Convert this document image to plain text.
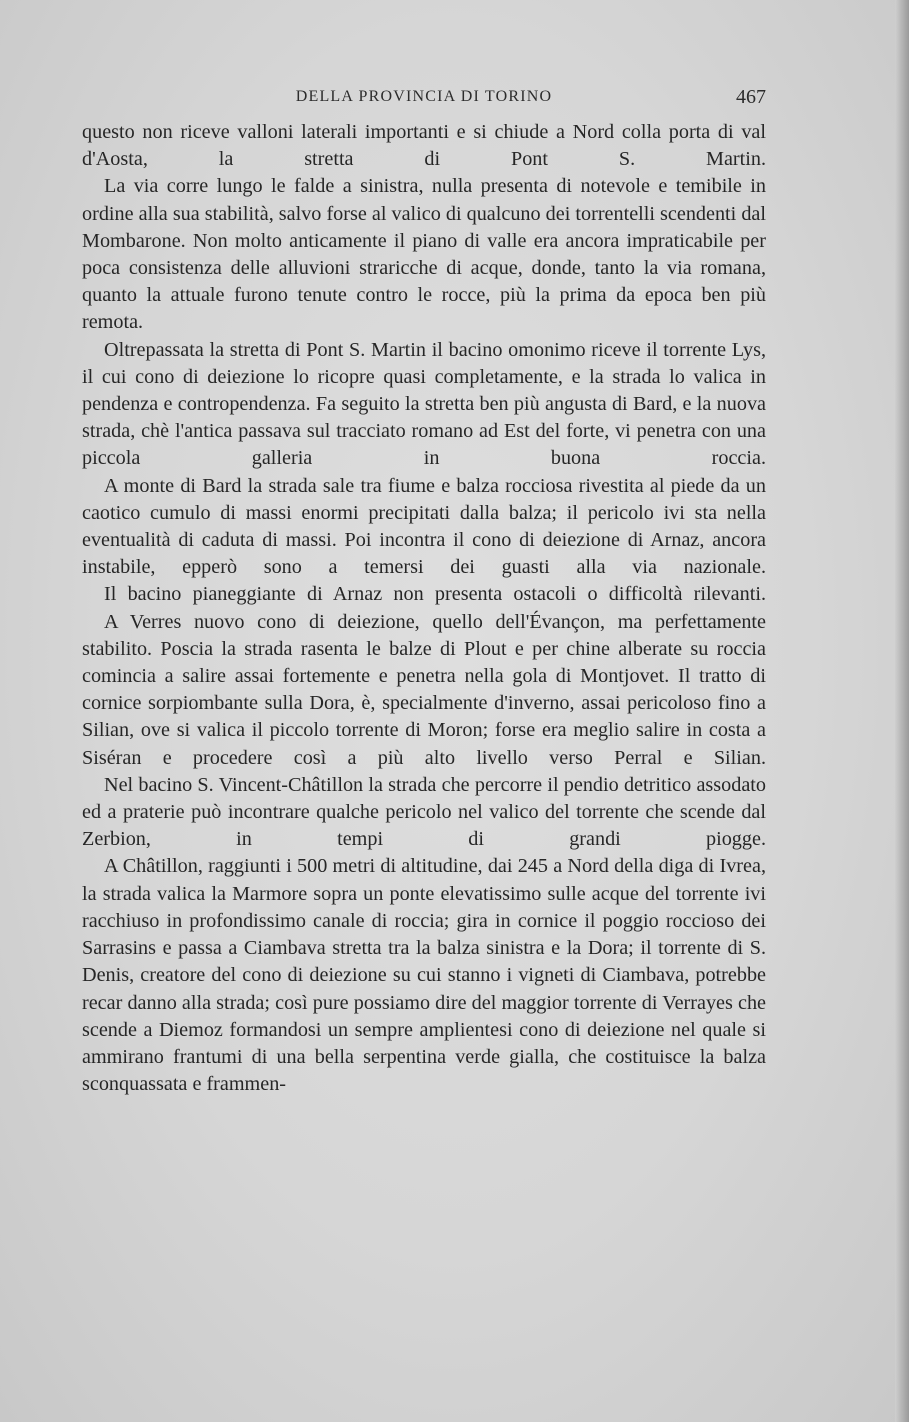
DELLA PROVINCIA DI TORINO	467

questo non riceve valloni laterali importanti e si chiude a Nord colla porta di val d'Aosta, la stretta di Pont S. Martin.

La via corre lungo le falde a sinistra, nulla presenta di notevole e temibile in ordine alla sua stabilità, salvo forse al valico di qualcuno dei torrentelli scendenti dal Mombarone. Non molto anticamente il piano di valle era ancora impraticabile per poca consistenza delle alluvioni straricche di acque, donde, tanto la via romana, quanto la attuale furono tenute contro le rocce, più la prima da epoca ben più remota.

Oltrepassata la stretta di Pont S. Martin il bacino omonimo riceve il torrente Lys, il cui cono di deiezione lo ricopre quasi completamente, e la strada lo valica in pendenza e contropendenza. Fa seguito la stretta ben più angusta di Bard, e la nuova strada, chè l'antica passava sul tracciato romano ad Est del forte, vi penetra con una piccola galleria in buona roccia.

A monte di Bard la strada sale tra fiume e balza rocciosa rivestita al piede da un caotico cumulo di massi enormi precipitati dalla balza; il pericolo ivi sta nella eventualità di caduta di massi. Poi incontra il cono di deiezione di Arnaz, ancora instabile, epperò sono a temersi dei guasti alla via nazionale.

Il bacino pianeggiante di Arnaz non presenta ostacoli o difficoltà rilevanti.

A Verres nuovo cono di deiezione, quello dell'Évançon, ma perfettamente stabilito. Poscia la strada rasenta le balze di Plout e per chine alberate su roccia comincia a salire assai fortemente e penetra nella gola di Montjovet. Il tratto di cornice sorpiombante sulla Dora, è, specialmente d'inverno, assai pericoloso fino a Silian, ove si valica il piccolo torrente di Moron; forse era meglio salire in costa a Siséran e procedere così a più alto livello verso Perral e Silian.

Nel bacino S. Vincent-Châtillon la strada che percorre il pendio detritico assodato ed a praterie può incontrare qualche pericolo nel valico del torrente che scende dal Zerbion, in tempi di grandi piogge.

A Châtillon, raggiunti i 500 metri di altitudine, dai 245 a Nord della diga di Ivrea, la strada valica la Marmore sopra un ponte elevatissimo sulle acque del torrente ivi racchiuso in profondissimo canale di roccia; gira in cornice il poggio roccioso dei Sarrasins e passa a Ciambava stretta tra la balza sinistra e la Dora; il torrente di S. Denis, creatore del cono di deiezione su cui stanno i vigneti di Ciambava, potrebbe recar danno alla strada; così pure possiamo dire del maggior torrente di Verrayes che scende a Diemoz formandosi un sempre amplientesi cono di deiezione nel quale si ammirano frantumi di una bella serpentina verde gialla, che costituisce la balza sconquassata e frammen-
